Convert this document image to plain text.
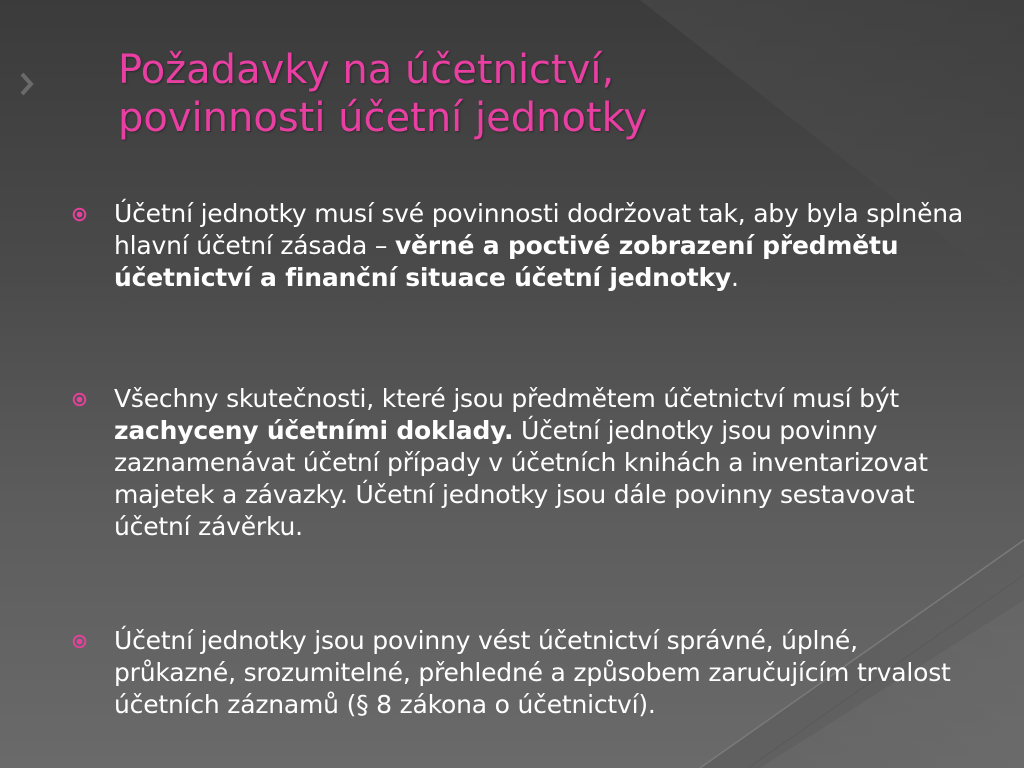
Požadavky na účetnictví,
povinnosti účetní jednotky
Účetní jednotky musí své povinnosti dodržovat tak, aby byla splněna hlavní účetní zásada – věrné a poctivé zobrazení předmětu účetnictví a finanční situace účetní jednotky.
Všechny skutečnosti, které jsou předmětem účetnictví musí být zachyceny účetními doklady. Účetní jednotky jsou povinny zaznamenávat účetní případy v účetních knihách a inventarizovat majetek a závazky. Účetní jednotky jsou dále povinny sestavovat účetní závěrku.
Účetní jednotky jsou povinny vést účetnictví správné, úplné, průkazné, srozumitelné, přehledné a způsobem zaručujícím trvalost účetních záznamů (§ 8 zákona o účetnictví).
